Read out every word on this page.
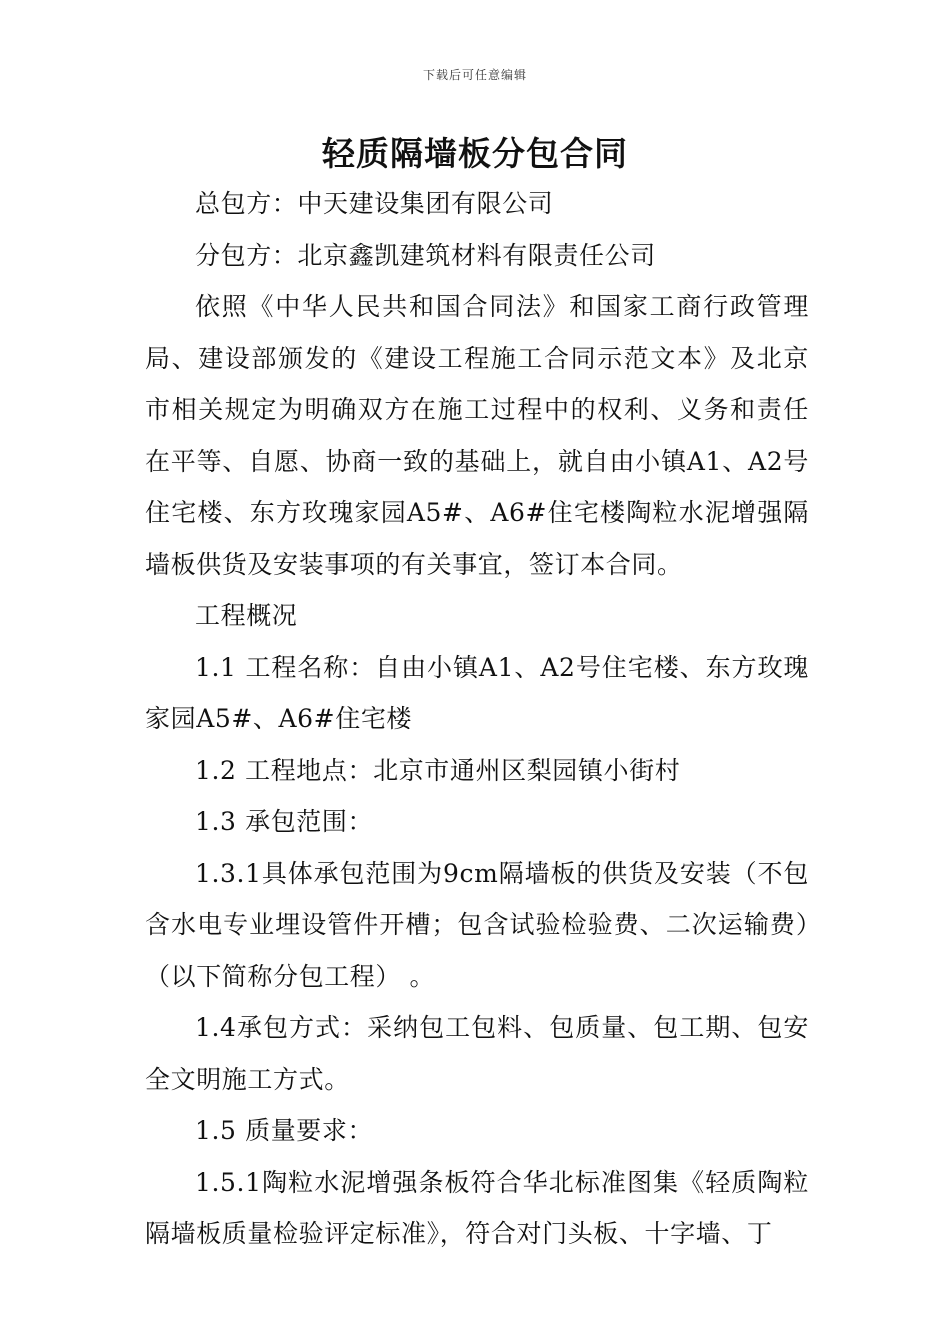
下载后可任意编辑
轻质隔墙板分包合同

总包方：中天建设集团有限公司

分包方：北京鑫凯建筑材料有限责任公司

依照《中华人民共和国合同法》和国家工商行政管理局、建设部颁发的《建设工程施工合同示范文本》及北京市相关规定为明确双方在施工过程中的权利、义务和责任在平等、自愿、协商一致的基础上，就自由小镇A1、A2号住宅楼、东方玫瑰家园A5#、A6#住宅楼陶粒水泥增强隔墙板供货及安装事项的有关事宜，签订本合同。

工程概况

1.1 工程名称：自由小镇A1、A2号住宅楼、东方玫瑰家园A5#、A6#住宅楼

1.2 工程地点：北京市通州区梨园镇小街村

1.3 承包范围：

1.3.1具体承包范围为9cm隔墙板的供货及安装（不包含水电专业埋设管件开槽；包含试验检验费、二次运输费）（以下简称分包工程） 。

1.4承包方式：采纳包工包料、包质量、包工期、包安全文明施工方式。

1.5 质量要求：

1.5.1陶粒水泥增强条板符合华北标准图集《轻质陶粒隔墙板质量检验评定标准》，符合对门头板、十字墙、丁
